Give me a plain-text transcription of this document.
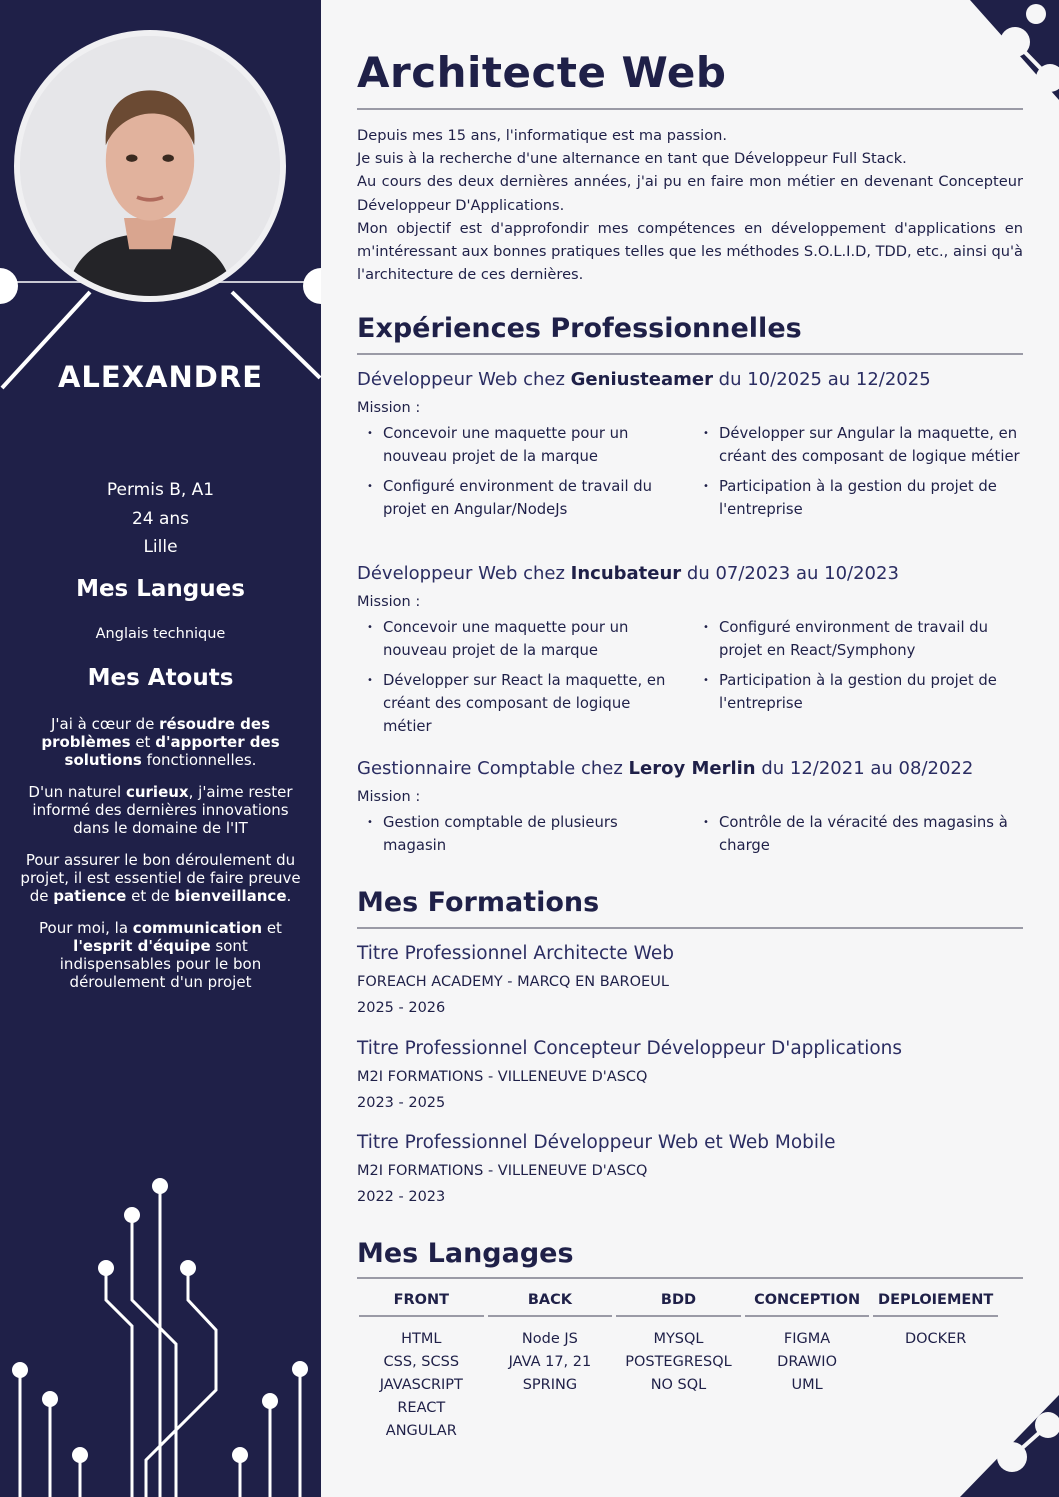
ALEXANDRE
Permis B, A1
24 ans
Lille
Mes Langues
Anglais technique
Mes Atouts

J'ai à cœur de résoudre des problèmes et d'apporter des solutions fonctionnelles.

D'un naturel curieux, j'aime rester informé des dernières innovations dans le domaine de l'IT

Pour assurer le bon déroulement du projet, il est essentiel de faire preuve de patience et de bienveillance.

Pour moi, la communication et l'esprit d'équipe sont indispensables pour le bon déroulement d'un projet

Architecte Web
Depuis mes 15 ans, l'informatique est ma passion.
Je suis à la recherche d'une alternance en tant que Développeur Full Stack.
Au cours des deux dernières années, j'ai pu en faire mon métier en devenant Concepteur Développeur D'Applications.
Mon objectif est d'approfondir mes compétences en développement d'applications en m'intéressant aux bonnes pratiques telles que les méthodes S.O.L.I.D, TDD, etc., ainsi qu'à l'architecture de ces dernières.
Expériences Professionnelles
Développeur Web chez Geniusteamer du 10/2025 au 12/2025
Mission :
• Concevoir une maquette pour un nouveau projet de la marque
• Développer sur Angular la maquette, en créant des composant de logique métier
• Configuré environment de travail du projet en Angular/NodeJs
• Participation à la gestion du projet de l'entreprise
Développeur Web chez Incubateur du 07/2023 au 10/2023
Mission :
• Concevoir une maquette pour un nouveau projet de la marque
• Configuré environment de travail du projet en React/Symphony
• Développer sur React la maquette, en créant des composant de logique métier
• Participation à la gestion du projet de l'entreprise
Gestionnaire Comptable chez Leroy Merlin du 12/2021 au 08/2022
Mission :
• Gestion comptable de plusieurs magasin
• Contrôle de la véracité des magasins à charge
Mes Formations
Titre Professionnel Architecte Web
FOREACH ACADEMY - MARCQ EN BAROEUL
2025 - 2026
Titre Professionnel Concepteur Développeur D'applications
M2I FORMATIONS - VILLENEUVE D'ASCQ
2023 - 2025
Titre Professionnel Développeur Web et Web Mobile
M2I FORMATIONS - VILLENEUVE D'ASCQ
2022 - 2023
Mes Langages
FRONT
HTML
CSS, SCSS
JAVASCRIPT
REACT
ANGULAR
BACK
Node JS
JAVA 17, 21
SPRING
BDD
MYSQL
POSTEGRESQL
NO SQL
CONCEPTION
FIGMA
DRAWIO
UML
DEPLOIEMENT
DOCKER
